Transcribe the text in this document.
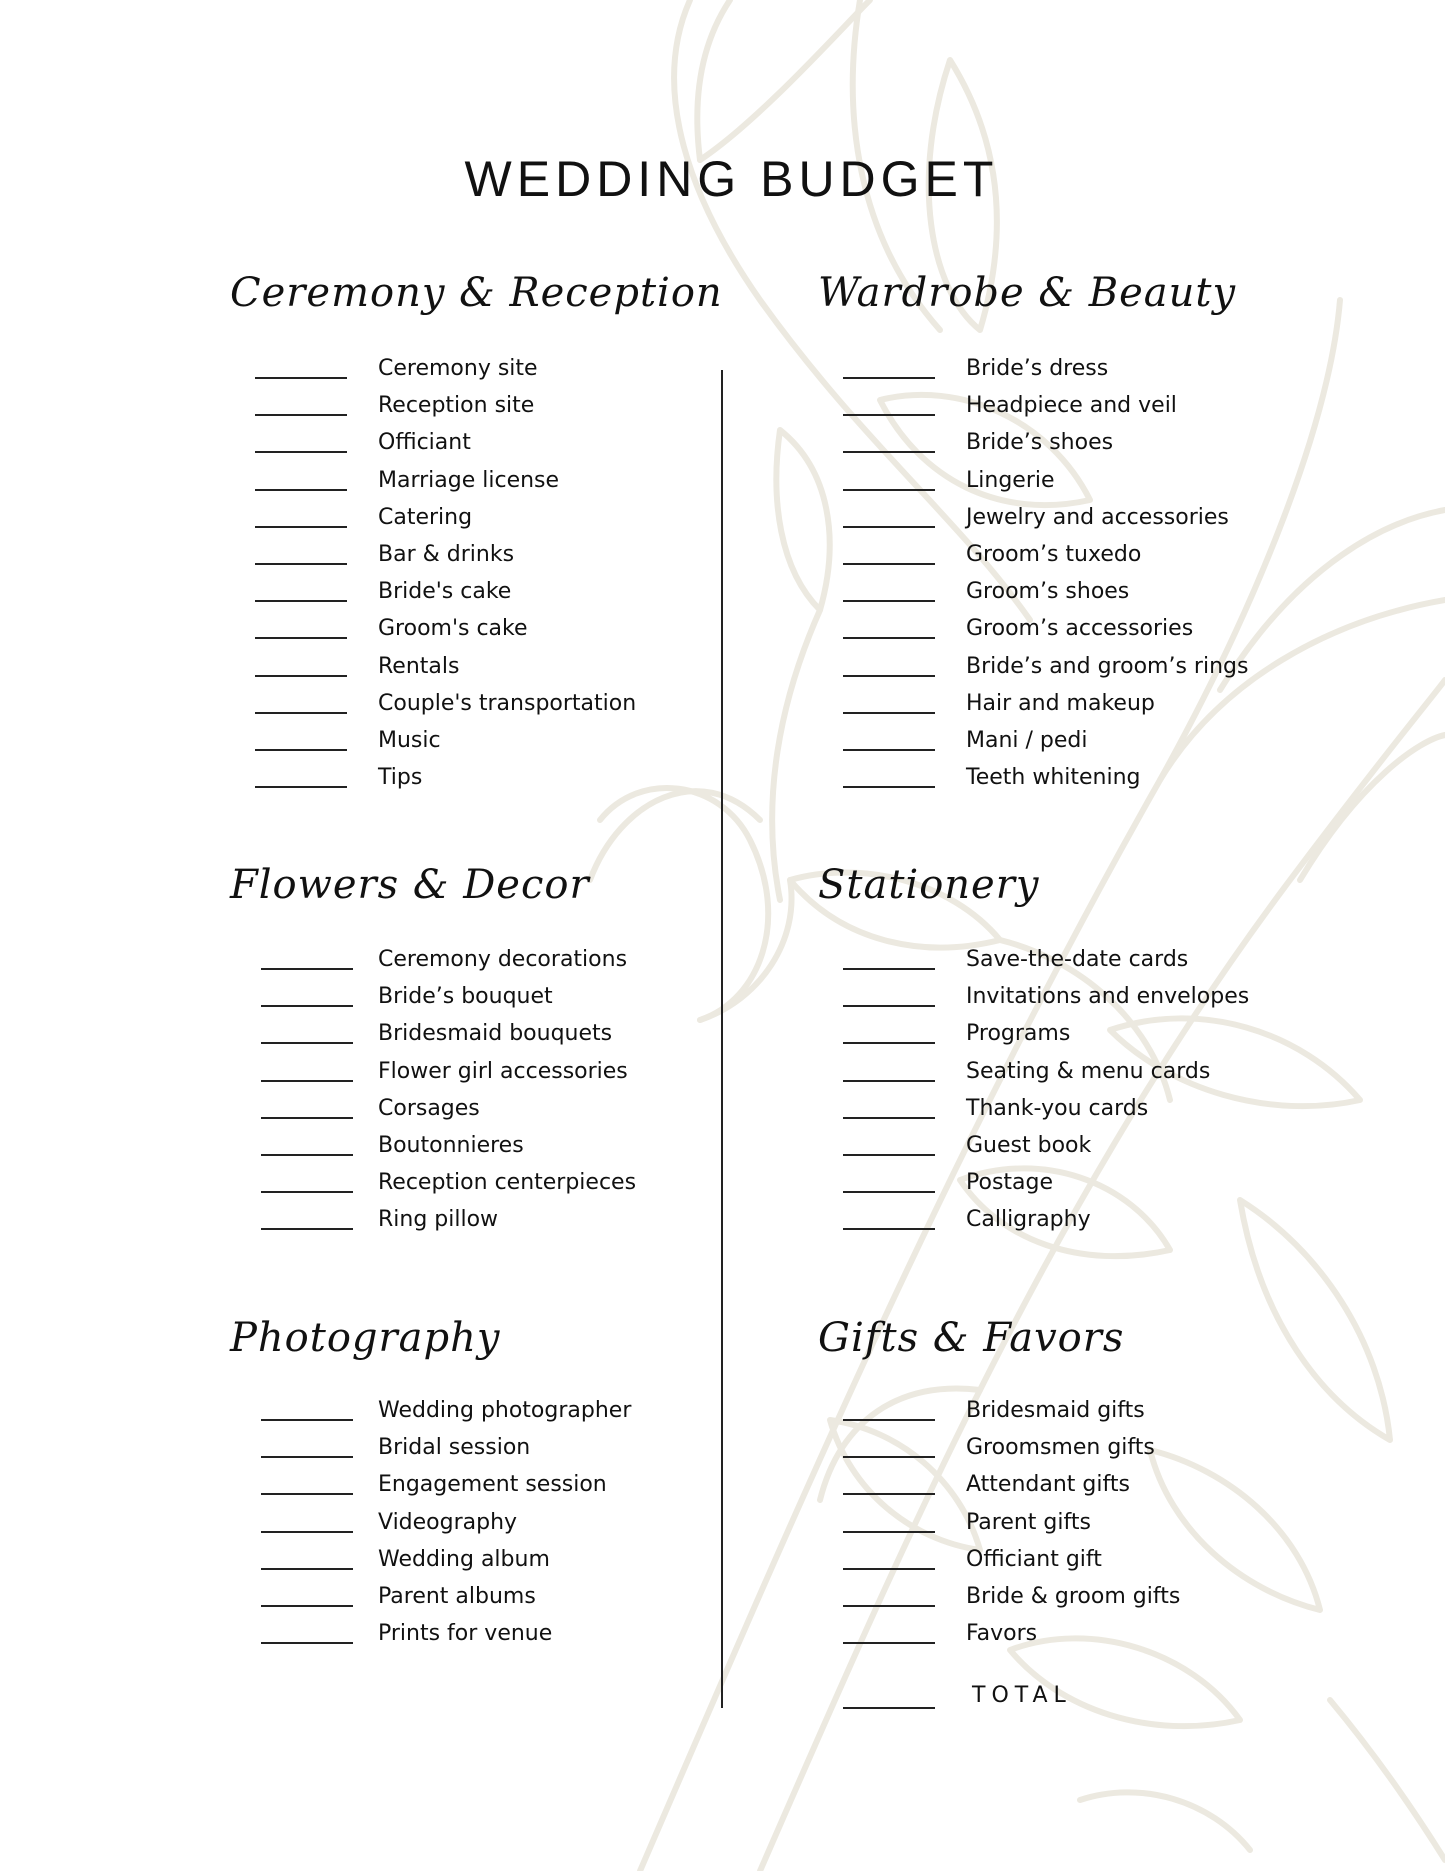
WEDDING BUDGET
Ceremony & Reception
Ceremony site
Reception site
Officiant
Marriage license
Catering
Bar & drinks
Bride's cake
Groom's cake
Rentals
Couple's transportation
Music
Tips
Wardrobe & Beauty
Bride’s dress
Headpiece and veil
Bride’s shoes
Lingerie
Jewelry and accessories
Groom’s tuxedo
Groom’s shoes
Groom’s accessories
Bride’s and groom’s rings
Hair and makeup
Mani / pedi
Teeth whitening
Flowers & Decor
Ceremony decorations
Bride’s bouquet
Bridesmaid bouquets
Flower girl accessories
Corsages
Boutonnieres
Reception centerpieces
Ring pillow
Stationery
Save-the-date cards
Invitations and envelopes
Programs
Seating & menu cards
Thank-you cards
Guest book
Postage
Calligraphy
Photography
Wedding photographer
Bridal session
Engagement session
Videography
Wedding album
Parent albums
Prints for venue
Gifts & Favors
Bridesmaid gifts
Groomsmen gifts
Attendant gifts
Parent gifts
Officiant gift
Bride & groom gifts
Favors
TOTAL
